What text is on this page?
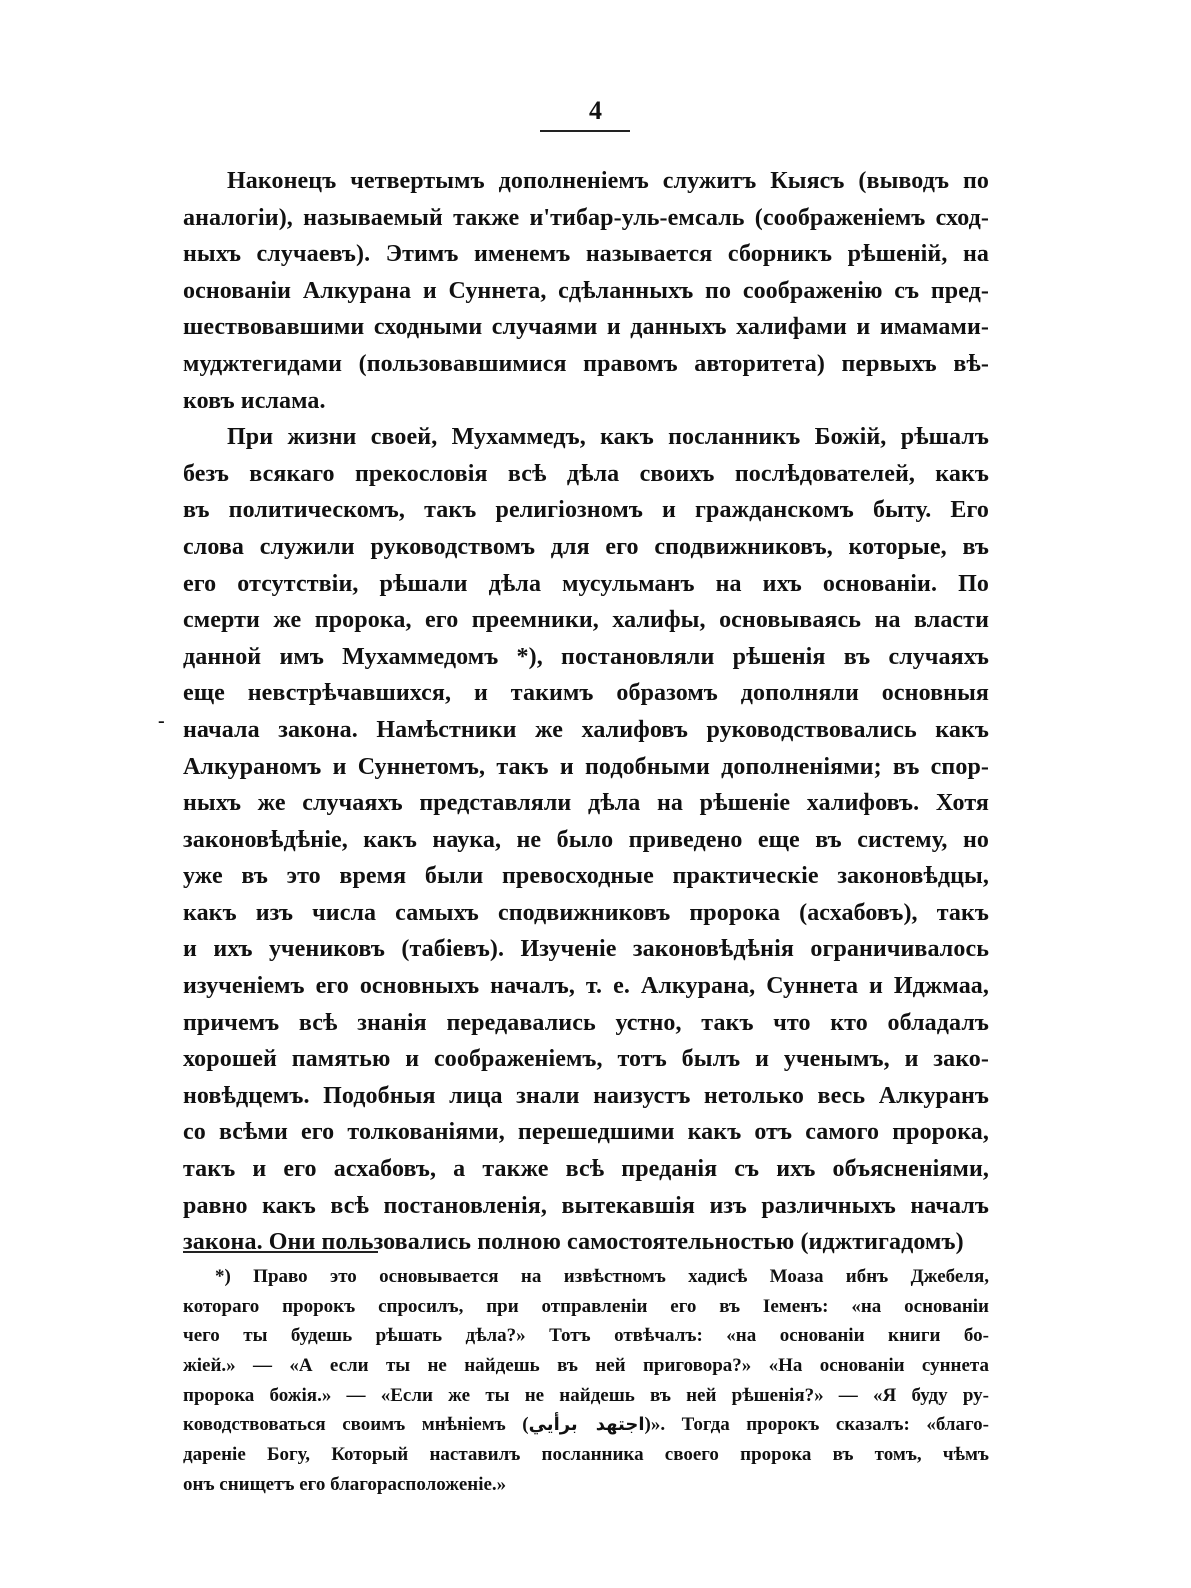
4
-
Наконецъ четвертымъ дополненіемъ служитъ Кыясъ (выводъ по
аналогіи), называемый также и'тибар-уль-емсаль (соображеніемъ сход-
ныхъ случаевъ). Этимъ именемъ называется сборникъ рѣшеній, на
основаніи Алкурана и Суннета, сдѣланныхъ по соображенію съ пред-
шествовавшими сходными случаями и данныхъ халифами и имамами-
муджтегидами (пользовавшимися правомъ авторитета) первыхъ вѣ-
ковъ ислама.
При жизни своей, Мухаммедъ, какъ посланникъ Божій, рѣшалъ
безъ всякаго прекословія всѣ дѣла своихъ послѣдователей, какъ
въ политическомъ, такъ религіозномъ и гражданскомъ быту. Его
слова служили руководствомъ для его сподвижниковъ, которые, въ
его отсутствіи, рѣшали дѣла мусульманъ на ихъ основаніи. По
смерти же пророка, его преемники, халифы, основываясь на власти
данной имъ Мухаммедомъ *), постановляли рѣшенія въ случаяхъ
еще невстрѣчавшихся, и такимъ образомъ дополняли основныя
начала закона. Намѣстники же халифовъ руководствовались какъ
Алкураномъ и Суннетомъ, такъ и подобными дополненіями; въ спор-
ныхъ же случаяхъ представляли дѣла на рѣшеніе халифовъ. Хотя
законовѣдѣніе, какъ наука, не было приведено еще въ систему, но
уже въ это время были превосходные практическіе законовѣдцы,
какъ изъ числа самыхъ сподвижниковъ пророка (асхабовъ), такъ
и ихъ учениковъ (табіевъ). Изученіе законовѣдѣнія ограничивалось
изученіемъ его основныхъ началъ, т. е. Алкурана, Суннета и Иджмаа,
причемъ всѣ знанія передавались устно, такъ что кто обладалъ
хорошей памятью и соображеніемъ, тотъ былъ и ученымъ, и зако-
новѣдцемъ. Подобныя лица знали наизустъ нетолько весь Алкуранъ
со всѣми его толкованіями, перешедшими какъ отъ самого пророка,
такъ и его асхабовъ, а также всѣ преданія съ ихъ объясненіями,
равно какъ всѣ постановленія, вытекавшія изъ различныхъ началъ
закона. Они пользовались полною самостоятельностью (иджтигадомъ)
*) Право это основывается на извѣстномъ хадисѣ Моаза ибнъ Джебеля,
котораго пророкъ спросилъ, при отправленіи его въ Іеменъ: «на основаніи
чего ты будешь рѣшать дѣла?» Тотъ отвѣчалъ: «на основаніи книги бо-
жіей.» — «А если ты не найдешь въ ней приговора?» «На основаніи суннета
пророка божія.» — «Если же ты не найдешь въ ней рѣшенія?» — «Я буду ру-
ководствоваться своимъ мнѣніемъ (اجتهد برأيي)». Тогда пророкъ сказалъ: «благо-
дареніе Богу, Который наставилъ посланника своего пророка въ томъ, чѣмъ
онъ снищетъ его благорасположеніе.»
